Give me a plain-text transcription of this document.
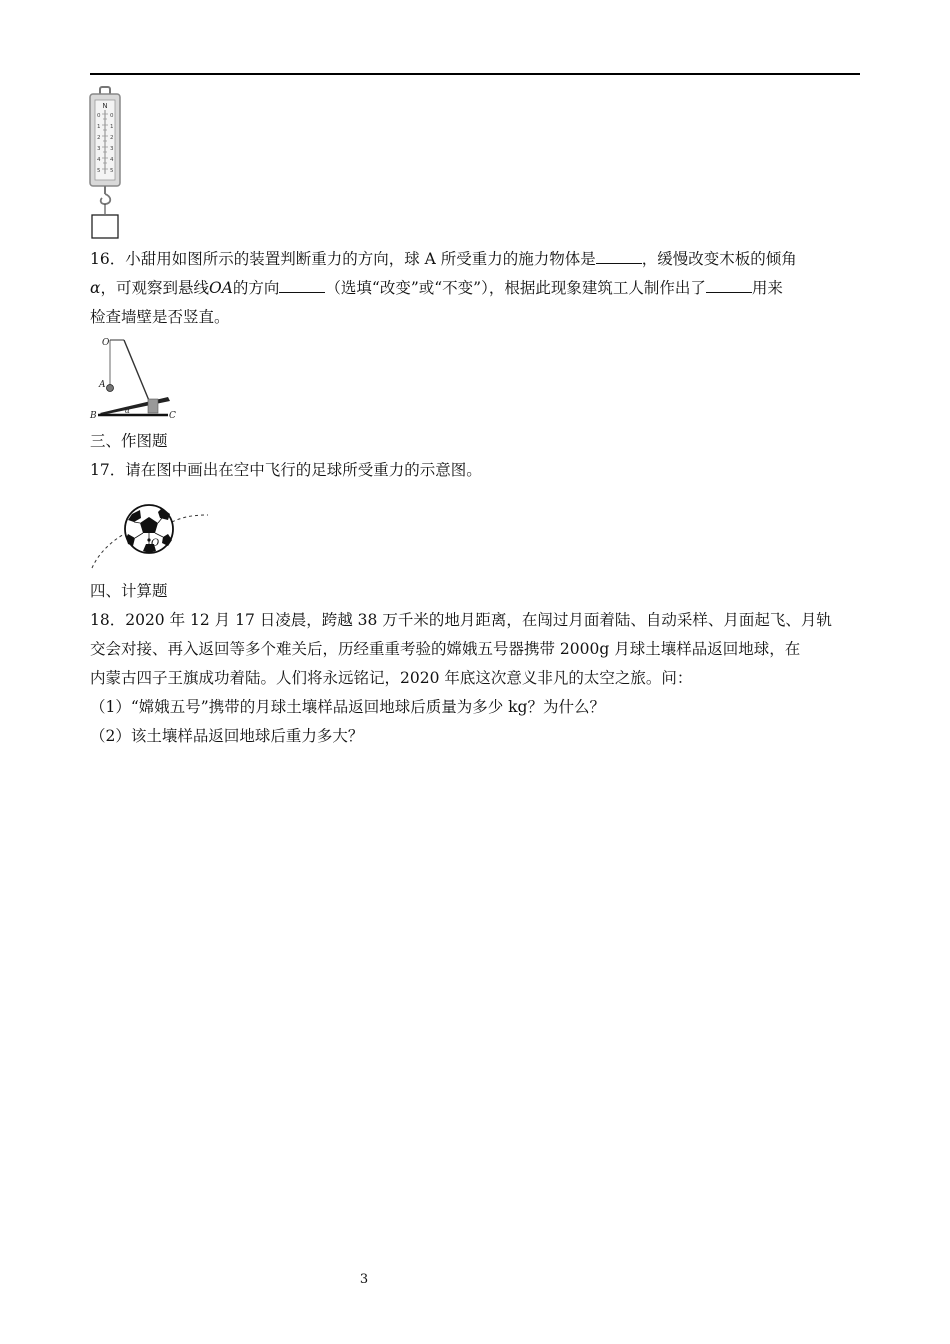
N
0
1
2
3
4
5
0
1
2
3
4
5
16．小甜用如图所示的装置判断重力的方向，球 A 所受重力的施力物体是	，缓慢改变木板的倾角
α，可观察到悬线OA的方向	（选填“改变”或“不变”），根据此现象建筑工人制作出了	用来
检查墙壁是否竖直。
O
A
B	C
α
三、作图题
17．请在图中画出在空中飞行的足球所受重力的示意图。
O
四、计算题
18．2020 年 12 月 17 日凌晨，跨越 38 万千米的地月距离，在闯过月面着陆、自动采样、月面起飞、月轨
交会对接、再入返回等多个难关后，历经重重考验的嫦娥五号器携带 2000g 月球土壤样品返回地球，在
内蒙古四子王旗成功着陆。人们将永远铭记，2020 年底这次意义非凡的太空之旅。问：
（1）“嫦娥五号”携带的月球土壤样品返回地球后质量为多少 kg？为什么？
（2）该土壤样品返回地球后重力多大？
3
